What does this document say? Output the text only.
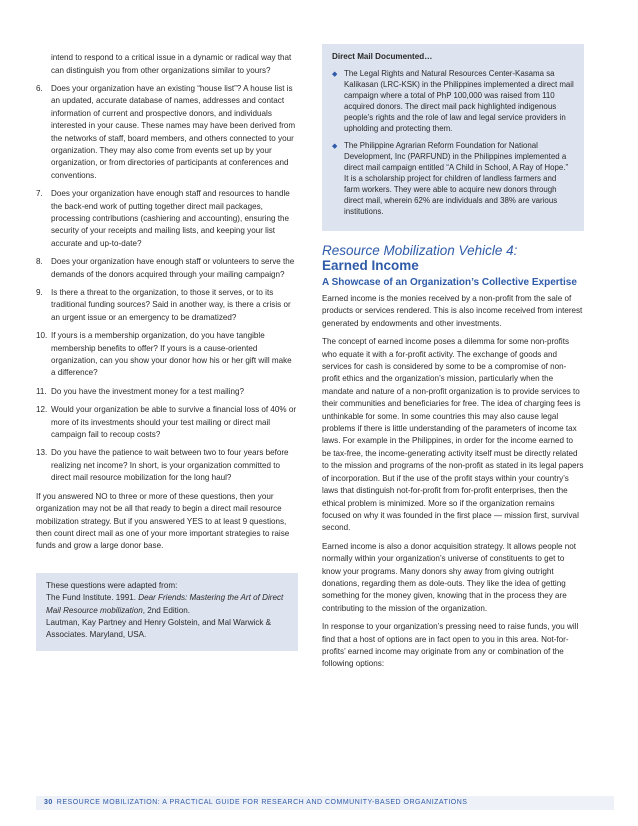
intend to respond to a critical issue in a dynamic or radical way that can distinguish you from other organizations similar to yours?

6. Does your organization have an existing “house list”? A house list is an updated, accurate database of names, addresses and contact information of current and prospective donors, and individuals interested in your cause. These names may have been derived from the networks of staff, board members, and others connected to your organization. They may also come from events set up by your organization, or from directories of participants at conferences and conventions.
7. Does your organization have enough staff and resources to handle the back-end work of putting together direct mail packages, processing contributions (cashiering and accounting), ensuring the security of your receipts and mailing lists, and keeping your list accurate and up-to-date?
8. Does your organization have enough staff or volunteers to serve the demands of the donors acquired through your mailing campaign?
9. Is there a threat to the organization, to those it serves, or to its traditional funding sources? Said in another way, is there a crisis or an urgent issue or an emergency to be dramatized?
10. If yours is a membership organization, do you have tangible membership benefits to offer? If yours is a cause-oriented organization, can you show your donor how his or her gift will make a difference?
11. Do you have the investment money for a test mailing?
12. Would your organization be able to survive a financial loss of 40% or more of its investments should your test mailing or direct mail campaign fail to recoup costs?
13. Do you have the patience to wait between two to four years before realizing net income? In short, is your organization committed to direct mail resource mobilization for the long haul?

If you answered NO to three or more of these questions, then your organization may not be all that ready to begin a direct mail resource mobilization strategy. But if you answered YES to at least 9 questions, then count direct mail as one of your more important strategies to raise funds and grow a large donor base.

These questions were adapted from:
The Fund Institute. 1991. Dear Friends: Mastering the Art of Direct Mail Resource mobilization, 2nd Edition.
Lautman, Kay Partney and Henry Golstein, and Mal Warwick & Associates. Maryland, USA.
Direct Mail Documented…
◆ The Legal Rights and Natural Resources Center-Kasama sa Kalikasan (LRC-KSK) in the Philippines implemented a direct mail campaign where a total of PhP 100,000 was raised from 110 acquired donors. The direct mail pack highlighted indigenous people’s rights and the role of law and legal service providers in upholding and protecting them.
◆ The Philippine Agrarian Reform Foundation for National Development, Inc (PARFUND) in the Philippines implemented a direct mail campaign entitled “A Child in School, A Ray of Hope.” It is a scholarship project for children of landless farmers and farm workers. They were able to acquire new donors through direct mail, wherein 62% are individuals and 38% are various institutions.
Resource Mobilization Vehicle 4:
Earned Income
A Showcase of an Organization’s Collective Expertise

Earned income is the monies received by a non-profit from the sale of products or services rendered. This is also income received from interest generated by endowments and other investments.

The concept of earned income poses a dilemma for some non-profits who equate it with a for-profit activity. The exchange of goods and services for cash is considered by some to be a compromise of non-profit ethics and the organization’s mission, particularly when the mandate and nature of a non-profit organization is to provide services to their communities and beneficiaries for free. The idea of charging fees is unthinkable for some. In some countries this may also cause legal problems if there is little understanding of the parameters of income tax laws. For example in the Philippines, in order for the income earned to be tax-free, the income-generating activity itself must be directly related to the mission and programs of the non-profit as stated in its legal papers of incorporation. But if the use of the profit stays within your country’s laws that distinguish not-for-profit from for-profit enterprises, then the ethical problem is minimized. More so if the organization remains focused on why it was founded in the first place — mission first, survival second.

Earned income is also a donor acquisition strategy. It allows people not normally within your organization’s universe of constituents to get to know your programs. Many donors shy away from giving outright donations, regarding them as dole-outs. They like the idea of getting something for the money given, knowing that in the process they are contributing to the mission of the organization.

In response to your organization’s pressing need to raise funds, you will find that a host of options are in fact open to you in this area. Not-for-profits’ earned income may originate from any or combination of the following options:

30 RESOURCE MOBILIZATION: A PRACTICAL GUIDE FOR RESEARCH AND COMMUNITY-BASED ORGANIZATIONS
